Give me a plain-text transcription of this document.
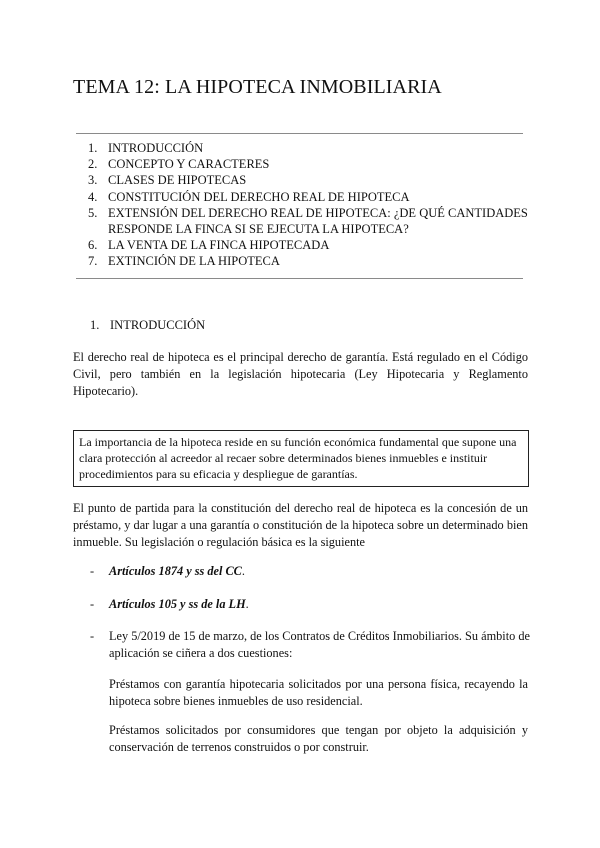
TEMA 12: LA HIPOTECA INMOBILIARIA
1. INTRODUCCIÓN
2. CONCEPTO Y CARACTERES
3. CLASES DE HIPOTECAS
4. CONSTITUCIÓN DEL DERECHO REAL DE HIPOTECA
5. EXTENSIÓN DEL DERECHO REAL DE HIPOTECA: ¿DE QUÉ CANTIDADES RESPONDE LA FINCA SI SE EJECUTA LA HIPOTECA?
6. LA VENTA DE LA FINCA HIPOTECADA
7. EXTINCIÓN DE LA HIPOTECA
1. INTRODUCCIÓN

El derecho real de hipoteca es el principal derecho de garantía. Está regulado en el Código Civil, pero también en la legislación hipotecaria (Ley Hipotecaria y Reglamento Hipotecario).

La importancia de la hipoteca reside en su función económica fundamental que supone una clara protección al acreedor al recaer sobre determinados bienes inmuebles e instituir procedimientos para su eficacia y despliegue de garantías.

El punto de partida para la constitución del derecho real de hipoteca es la concesión de un préstamo, y dar lugar a una garantía o constitución de la hipoteca sobre un determinado bien inmueble. Su legislación o regulación básica es la siguiente

-	Artículos 1874 y ss del CC.
-	Artículos 105 y ss de la LH.
-	Ley 5/2019 de 15 de marzo, de los Contratos de Créditos Inmobiliarios. Su ámbito de aplicación se ciñera a dos cuestiones:

Préstamos con garantía hipotecaria solicitados por una persona física, recayendo la hipoteca sobre bienes inmuebles de uso residencial.

Préstamos solicitados por consumidores que tengan por objeto la adquisición y conservación de terrenos construidos o por construir.
